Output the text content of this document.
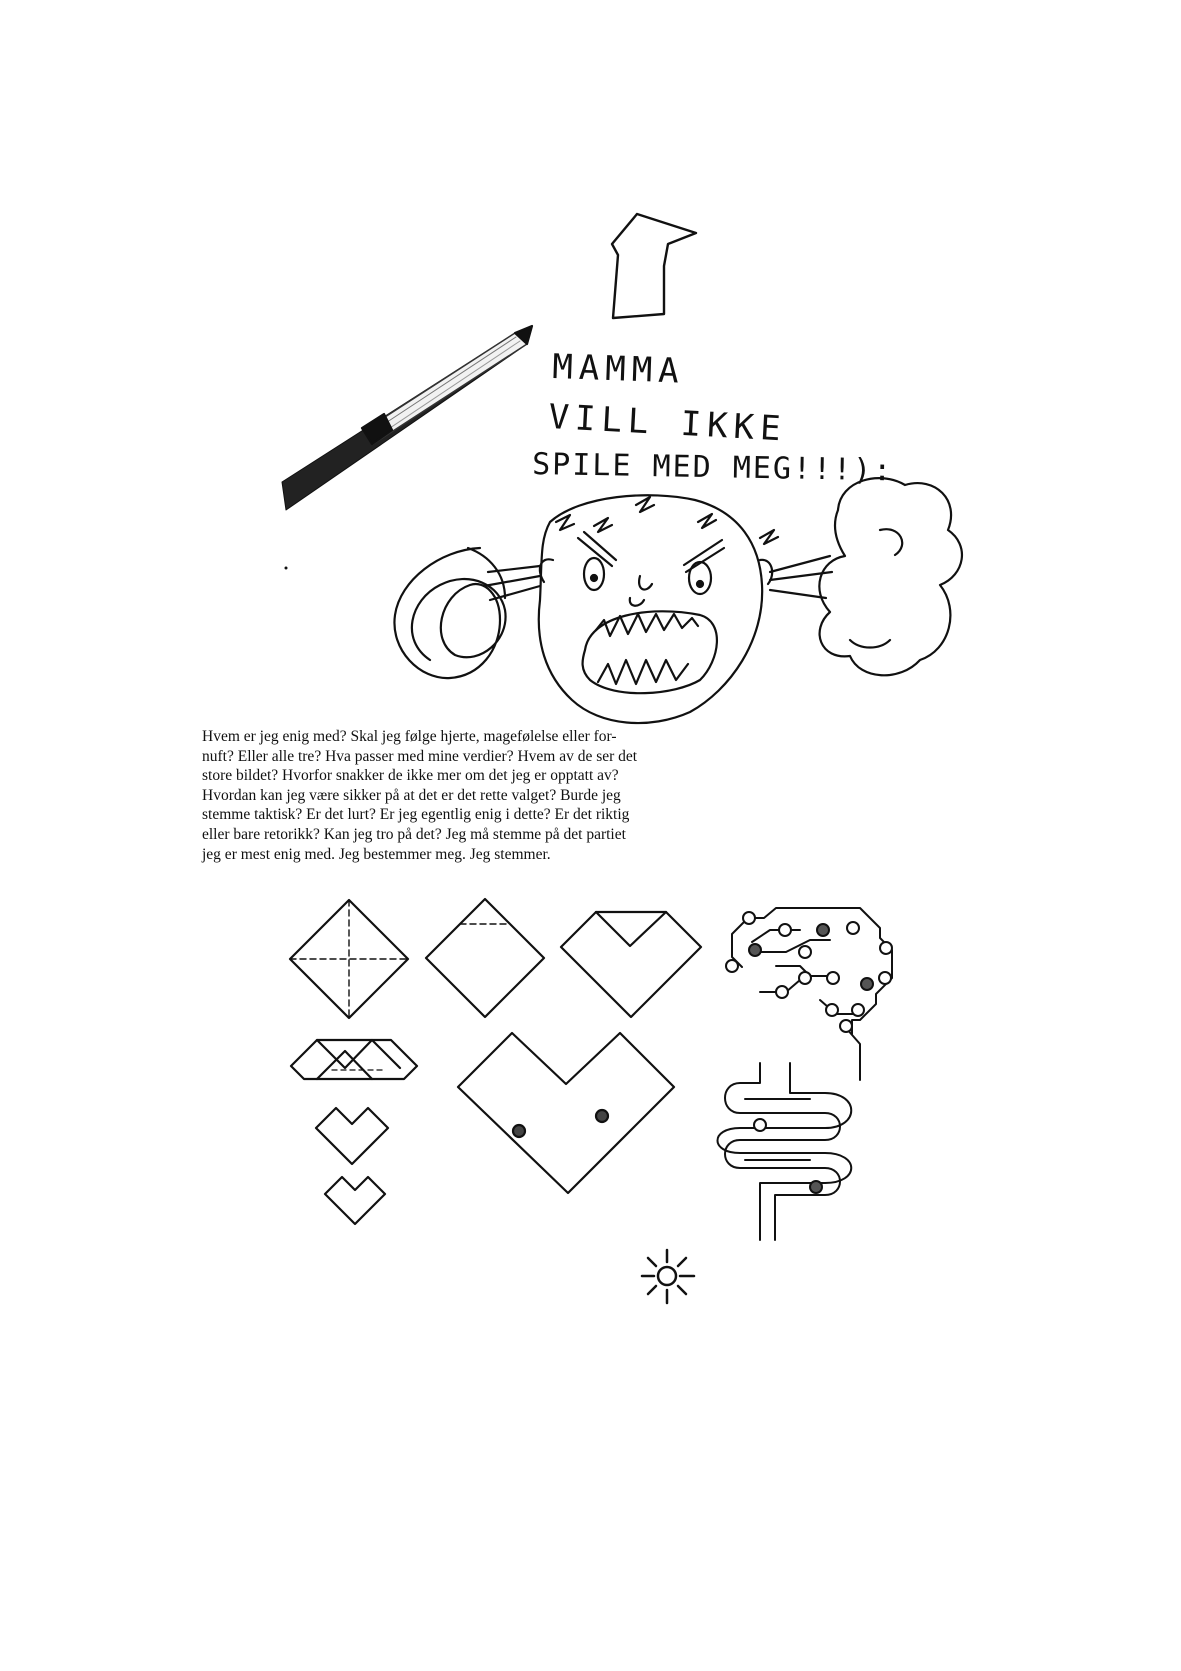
MAMMA
VILL IKKE
SPILE MED MEG!!!):

Hvem er jeg enig med? Skal jeg følge hjerte, magefølelse eller for-
nuft? Eller alle tre? Hva passer med mine verdier? Hvem av de ser det
store bildet? Hvorfor snakker de ikke mer om det jeg er opptatt av?
Hvordan kan jeg være sikker på at det er det rette valget? Burde jeg
stemme taktisk? Er det lurt? Er jeg egentlig enig i dette? Er det riktig
eller bare retorikk? Kan jeg tro på det? Jeg må stemme på det partiet
jeg er mest enig med. Jeg bestemmer meg. Jeg stemmer.
